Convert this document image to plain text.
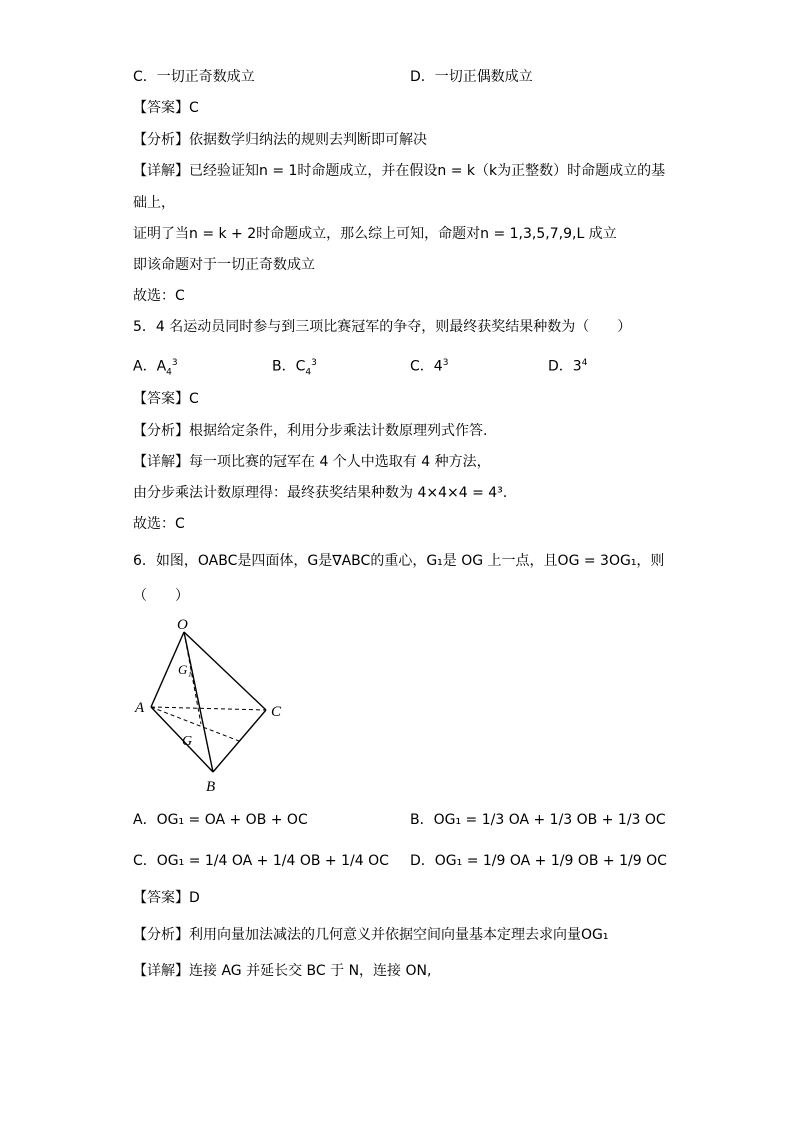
C．一切正奇数成立	D．一切正偶数成立
【答案】C
【分析】依据数学归纳法的规则去判断即可解决
【详解】已经验证知n = 1时命题成立，并在假设n = k（k为正整数）时命题成立的基
础上，
证明了当n = k + 2时命题成立，那么综上可知，命题对n = 1,3,5,7,9,L 成立
即该命题对于一切正奇数成立
故选：C
5．4 名运动员同时参与到三项比赛冠军的争夺，则最终获奖结果种数为（　　）
A．$A_4^3$	B．$C_4^3$	C．$4^3$	D．$3^4$
【答案】C
【分析】根据给定条件，利用分步乘法计数原理列式作答.
【详解】每一项比赛的冠军在 4 个人中选取有 4 种方法，
由分步乘法计数原理得：最终获奖结果种数为 4×4×4 = 4³.
故选：C
6．如图，OABC是四面体，G是∇ABC的重心，G₁是 OG 上一点，且OG = 3OG₁，则
（　　）
O
A
B
C
G
G₁
A．OG₁ = OA + OB + OC	B．OG₁ = 1/3 OA + 1/3 OB + 1/3 OC
C．OG₁ = 1/4 OA + 1/4 OB + 1/4 OC D．OG₁ = 1/9 OA + 1/9 OB + 1/9 OC
【答案】D
【分析】利用向量加法减法的几何意义并依据空间向量基本定理去求向量OG₁
【详解】连接 AG 并延长交 BC 于 N，连接 ON,
